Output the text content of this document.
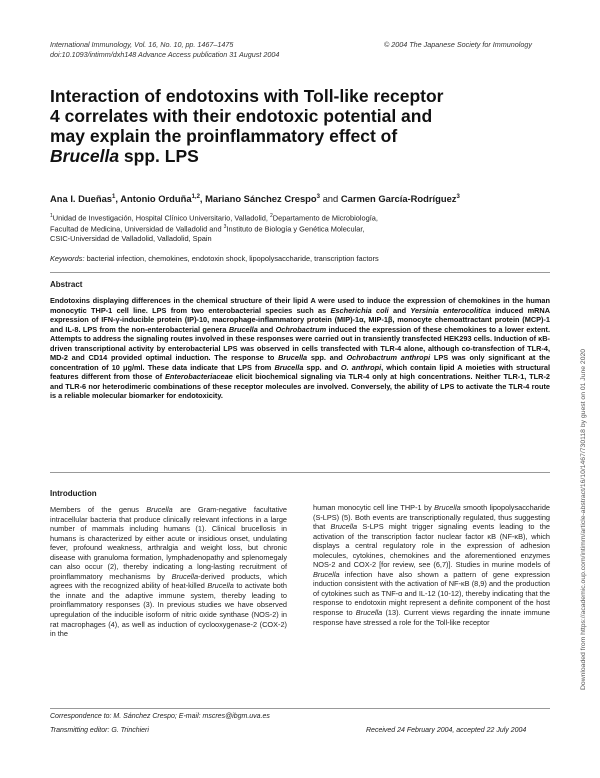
International Immunology, Vol. 16, No. 10, pp. 1467–1475
doi:10.1093/intimm/dxh148 Advance Access publication 31 August 2004
© 2004 The Japanese Society for Immunology
Interaction of endotoxins with Toll-like receptor
4 correlates with their endotoxic potential and
may explain the proinflammatory effect of
Brucella spp. LPS
Ana I. Dueñas$^1$, Antonio Orduña$^{1,2}$, Mariano Sánchez Crespo$^3$ and Carmen García-Rodríguez$^3$
$^1$Unidad de Investigación, Hospital Clínico Universitario, Valladolid, $^2$Departamento de Microbiología,
Facultad de Medicina, Universidad de Valladolid and $^3$Instituto de Biología y Genética Molecular,
CSIC-Universidad de Valladolid, Valladolid, Spain
Keywords: bacterial infection, chemokines, endotoxin shock, lipopolysaccharide, transcription factors
Abstract
Endotoxins displaying differences in the chemical structure of their lipid A were used to induce the expression of chemokines in the human monocytic THP-1 cell line. LPS from two enterobacterial species such as Escherichia coli and Yersinia enterocolitica induced mRNA expression of IFN-γ-inducible protein (IP)-10, macrophage-inflammatory protein (MIP)-1α, MIP-1β, monocyte chemoattractant protein (MCP)-1 and IL-8. LPS from the non-enterobacterial genera Brucella and Ochrobactrum induced the expression of these chemokines to a lower extent. Attempts to address the signaling routes involved in these responses were carried out in transiently transfected HEK293 cells. Induction of κB-driven transcriptional activity by enterobacterial LPS was observed in cells transfected with TLR-4 alone, although co-transfection of TLR-4, MD-2 and CD14 provided optimal induction. The response to Brucella spp. and Ochrobactrum anthropi LPS was only significant at the concentration of 10 μg/ml. These data indicate that LPS from Brucella spp. and O. anthropi, which contain lipid A moieties with structural features different from those of Enterobacteriaceae elicit biochemical signaling via TLR-4 only at high concentrations. Neither TLR-1, TLR-2 and TLR-6 nor heterodimeric combinations of these receptor molecules are involved. Conversely, the ability of LPS to activate the TLR-4 route is a reliable molecular biomarker for endotoxicity.
Introduction
Members of the genus Brucella are Gram-negative facultative intracellular bacteria that produce clinically relevant infections in a large number of mammals including humans (1). Clinical brucellosis in humans is characterized by either acute or insidious onset, undulating fever, profound weakness, arthralgia and weight loss, but chronic disease with granuloma formation, lymphadenopathy and splenomegaly can also occur (2), thereby indicating a long-lasting recruitment of proinflammatory mechanisms by Brucella-derived products, which agrees with the recognized ability of heat-killed Brucella to activate both the innate and the adaptive immune system, thereby leading to proinflammatory responses (3). In previous studies we have observed upregulation of the inducible isoform of nitric oxide synthase (NOS-2) in rat macrophages (4), as well as induction of cyclooxygenase-2 (COX-2) in the
human monocytic cell line THP-1 by Brucella smooth lipopolysaccharide (S-LPS) (5). Both events are transcriptionally regulated, thus suggesting that Brucella S-LPS might trigger signaling events leading to the activation of the transcription factor nuclear factor κB (NF-κB), which displays a central regulatory role in the expression of adhesion molecules, cytokines, chemokines and the aforementioned enzymes NOS-2 and COX-2 [for review, see (6,7)]. Studies in murine models of Brucella infection have also shown a pattern of gene expression induction consistent with the activation of NF-κB (8,9) and the production of cytokines such as TNF-α and IL-12 (10-12), thereby indicating that the response to endotoxin might represent a definite component of the host response to Brucella (13). Current views regarding the innate immune response have stressed a role for the Toll-like receptor
Correspondence to: M. Sánchez Crespo; E-mail: mscres@ibgm.uva.es
Transmitting editor: G. Trinchieri	Received 24 February 2004, accepted 22 July 2004
Downloaded from https://academic.oup.com/intimm/article-abstract/16/10/1467/730118 by guest on 01 June 2020
